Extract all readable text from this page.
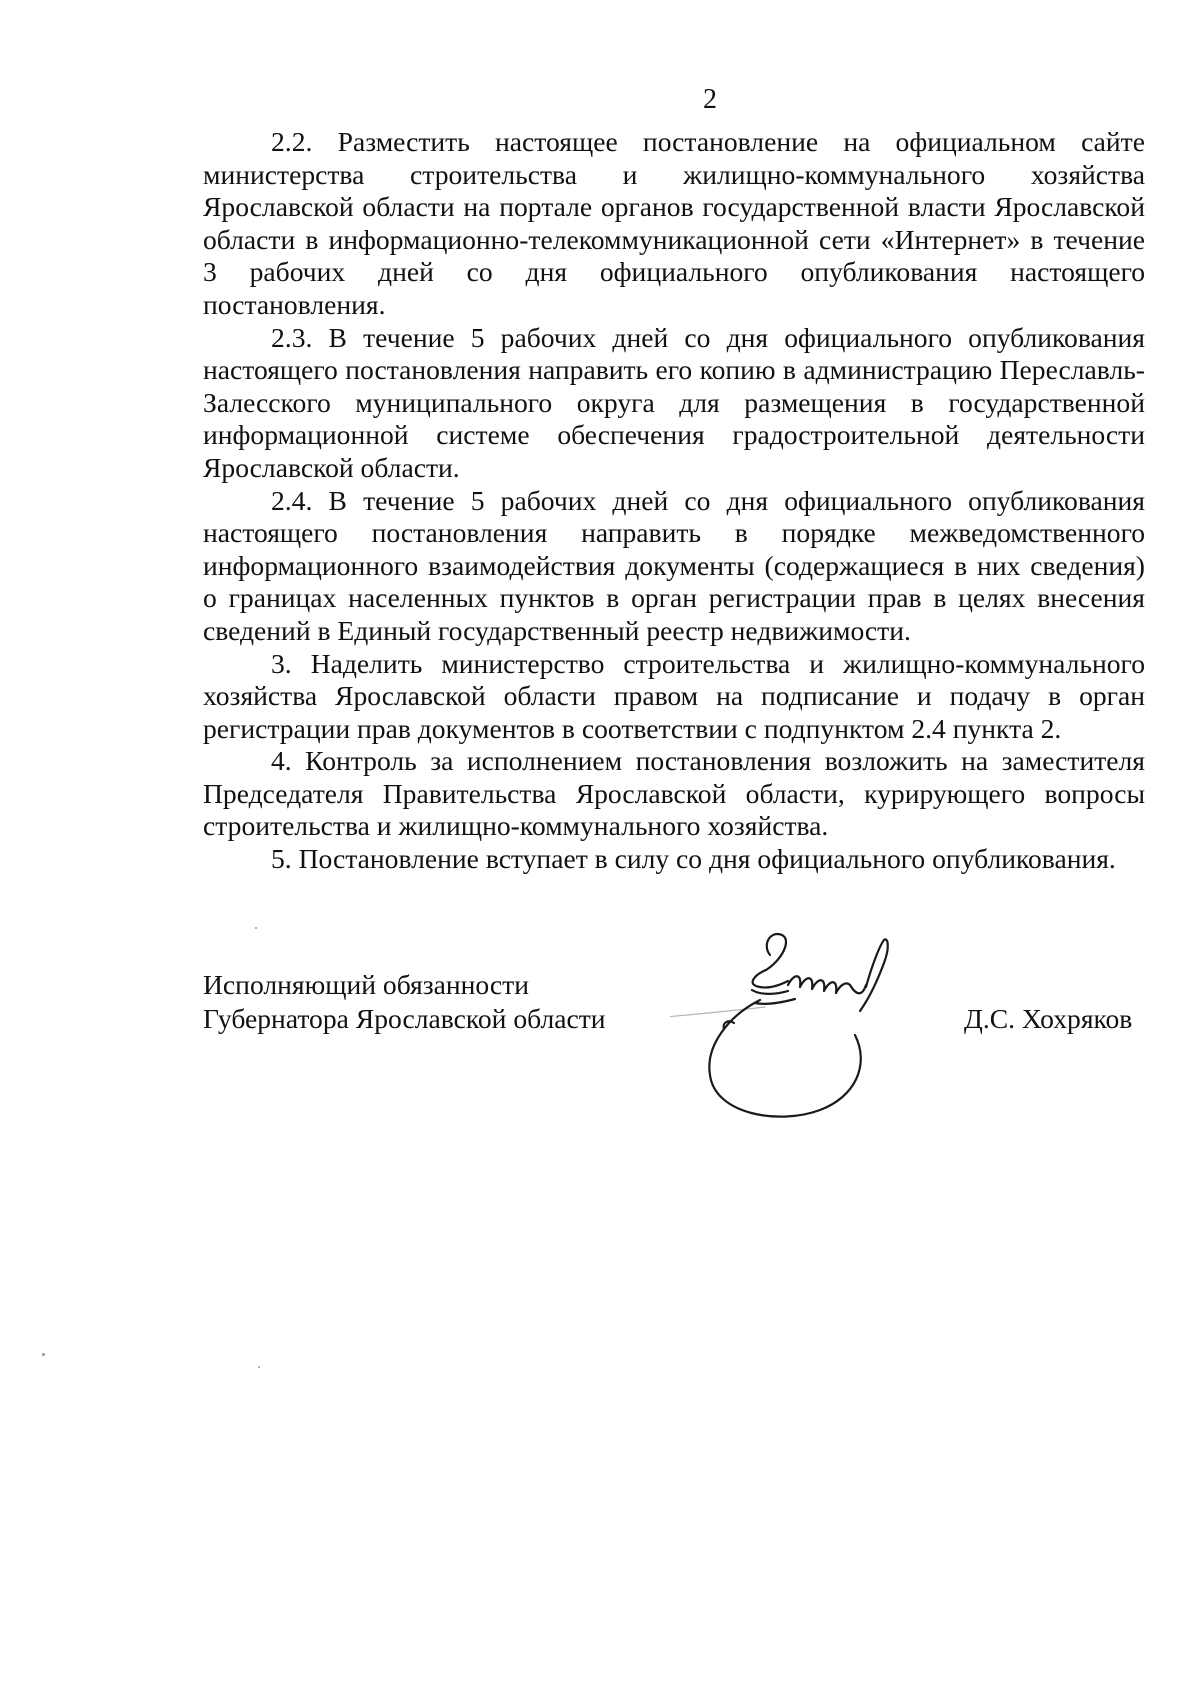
2

2.2. Разместить настоящее постановление на официальном сайте министерства строительства и жилищно-коммунального хозяйства Ярославской области на портале органов государственной власти Ярославской области в информационно-телекоммуникационной сети «Интернет» в течение 3 рабочих дней со дня официального опубликования настоящего постановления.

2.3. В течение 5 рабочих дней со дня официального опубликования настоящего постановления направить его копию в администрацию Переславль-Залесского муниципального округа для размещения в государственной информационной системе обеспечения градостроительной деятельности Ярославской области.

2.4. В течение 5 рабочих дней со дня официального опубликования настоящего постановления направить в порядке межведомственного информационного взаимодействия документы (содержащиеся в них сведения) о границах населенных пунктов в орган регистрации прав в целях внесения сведений в Единый государственный реестр недвижимости.

3. Наделить министерство строительства и жилищно-коммунального хозяйства Ярославской области правом на подписание и подачу в орган регистрации прав документов в соответствии с подпунктом 2.4 пункта 2.

4. Контроль за исполнением постановления возложить на заместителя Председателя Правительства Ярославской области, курирующего вопросы строительства и жилищно-коммунального хозяйства.

5. Постановление вступает в силу со дня официального опубликования.

Исполняющий обязанности
Губернатора Ярославской области	Д.С. Хохряков
